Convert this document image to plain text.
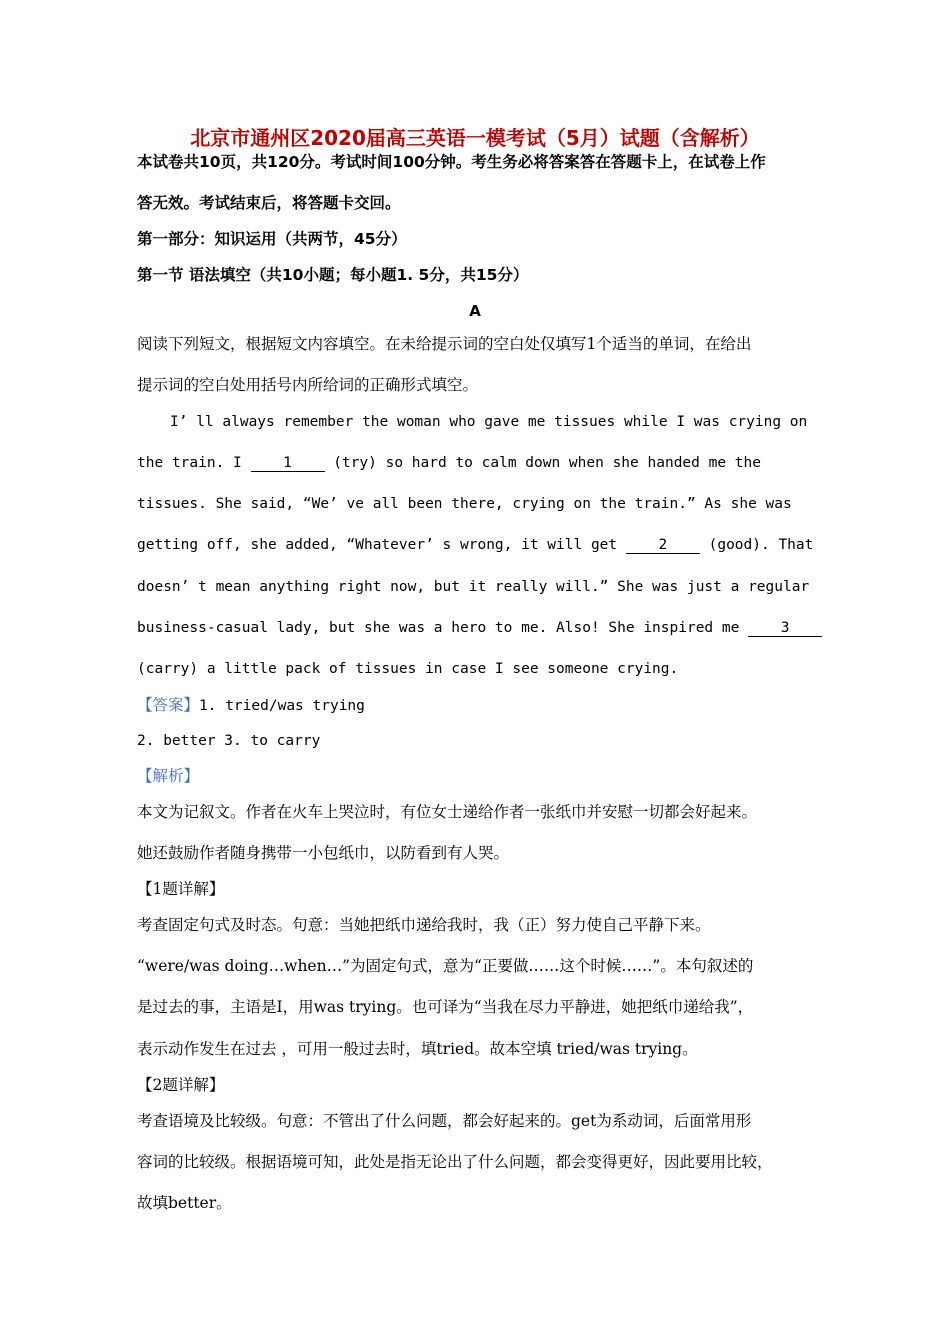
北京市通州区2020届高三英语一模考试（5月）试题（含解析）
本试卷共10页，共120分。考试时间100分钟。考生务必将答案答在答题卡上，在试卷上作
答无效。考试结束后，将答题卡交回。
第一部分：知识运用（共两节，45分）
第一节 语法填空（共10小题；每小题1. 5分，共15分）
A
阅读下列短文，根据短文内容填空。在未给提示词的空白处仅填写1个适当的单词，在给出
提示词的空白处用括号内所给词的正确形式填空。
I’ ll always remember the woman who gave me tissues while I was crying on
the train. I 1 (try) so hard to calm down when she handed me the
tissues. She said, “We’ ve all been there, crying on the train.” As she was
getting off, she added, “Whatever’ s wrong, it will get 2 (good). That
doesn’ t mean anything right now, but it really will.” She was just a regular
business-casual lady, but she was a hero to me. Also! She inspired me 3
(carry) a little pack of tissues in case I see someone crying.
【答案】1. tried/was trying
2. better 3. to carry
【解析】
本文为记叙文。作者在火车上哭泣时，有位女士递给作者一张纸巾并安慰一切都会好起来。
她还鼓励作者随身携带一小包纸巾，以防看到有人哭。
【1题详解】
考查固定句式及时态。句意：当她把纸巾递给我时，我（正）努力使自己平静下来。
“were/was doing…when…”为固定句式，意为“正要做……这个时候……”。本句叙述的
是过去的事，主语是I，用was trying。也可译为“当我在尽力平静进，她把纸巾递给我”，
表示动作发生在过去 ，可用一般过去时，填tried。故本空填 tried/was trying。
【2题详解】
考查语境及比较级。句意：不管出了什么问题，都会好起来的。get为系动词，后面常用形
容词的比较级。根据语境可知，此处是指无论出了什么问题，都会变得更好，因此要用比较，
故填better。
